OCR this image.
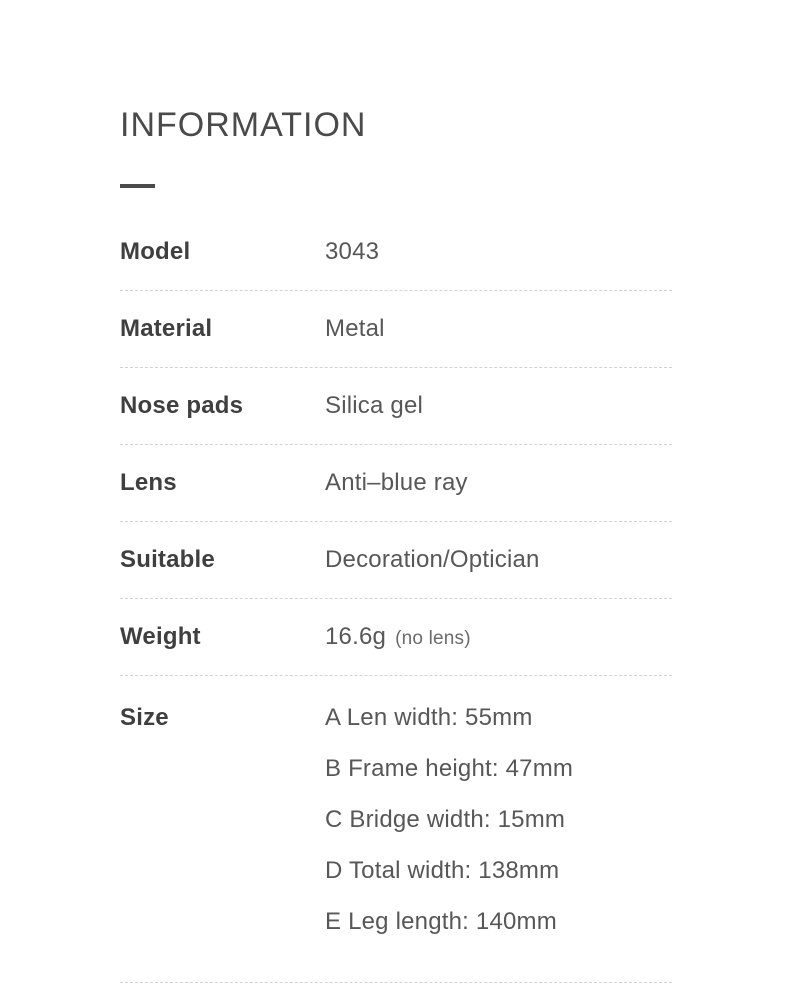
INFORMATION
Model	3043
Material	Metal
Nose pads	Silica gel
Lens	Anti–blue ray
Suitable	Decoration/Optician
Weight	16.6g (no lens)
Size	A Len width: 55mm
B Frame height: 47mm
C Bridge width: 15mm
D Total width: 138mm
E Leg length: 140mm
